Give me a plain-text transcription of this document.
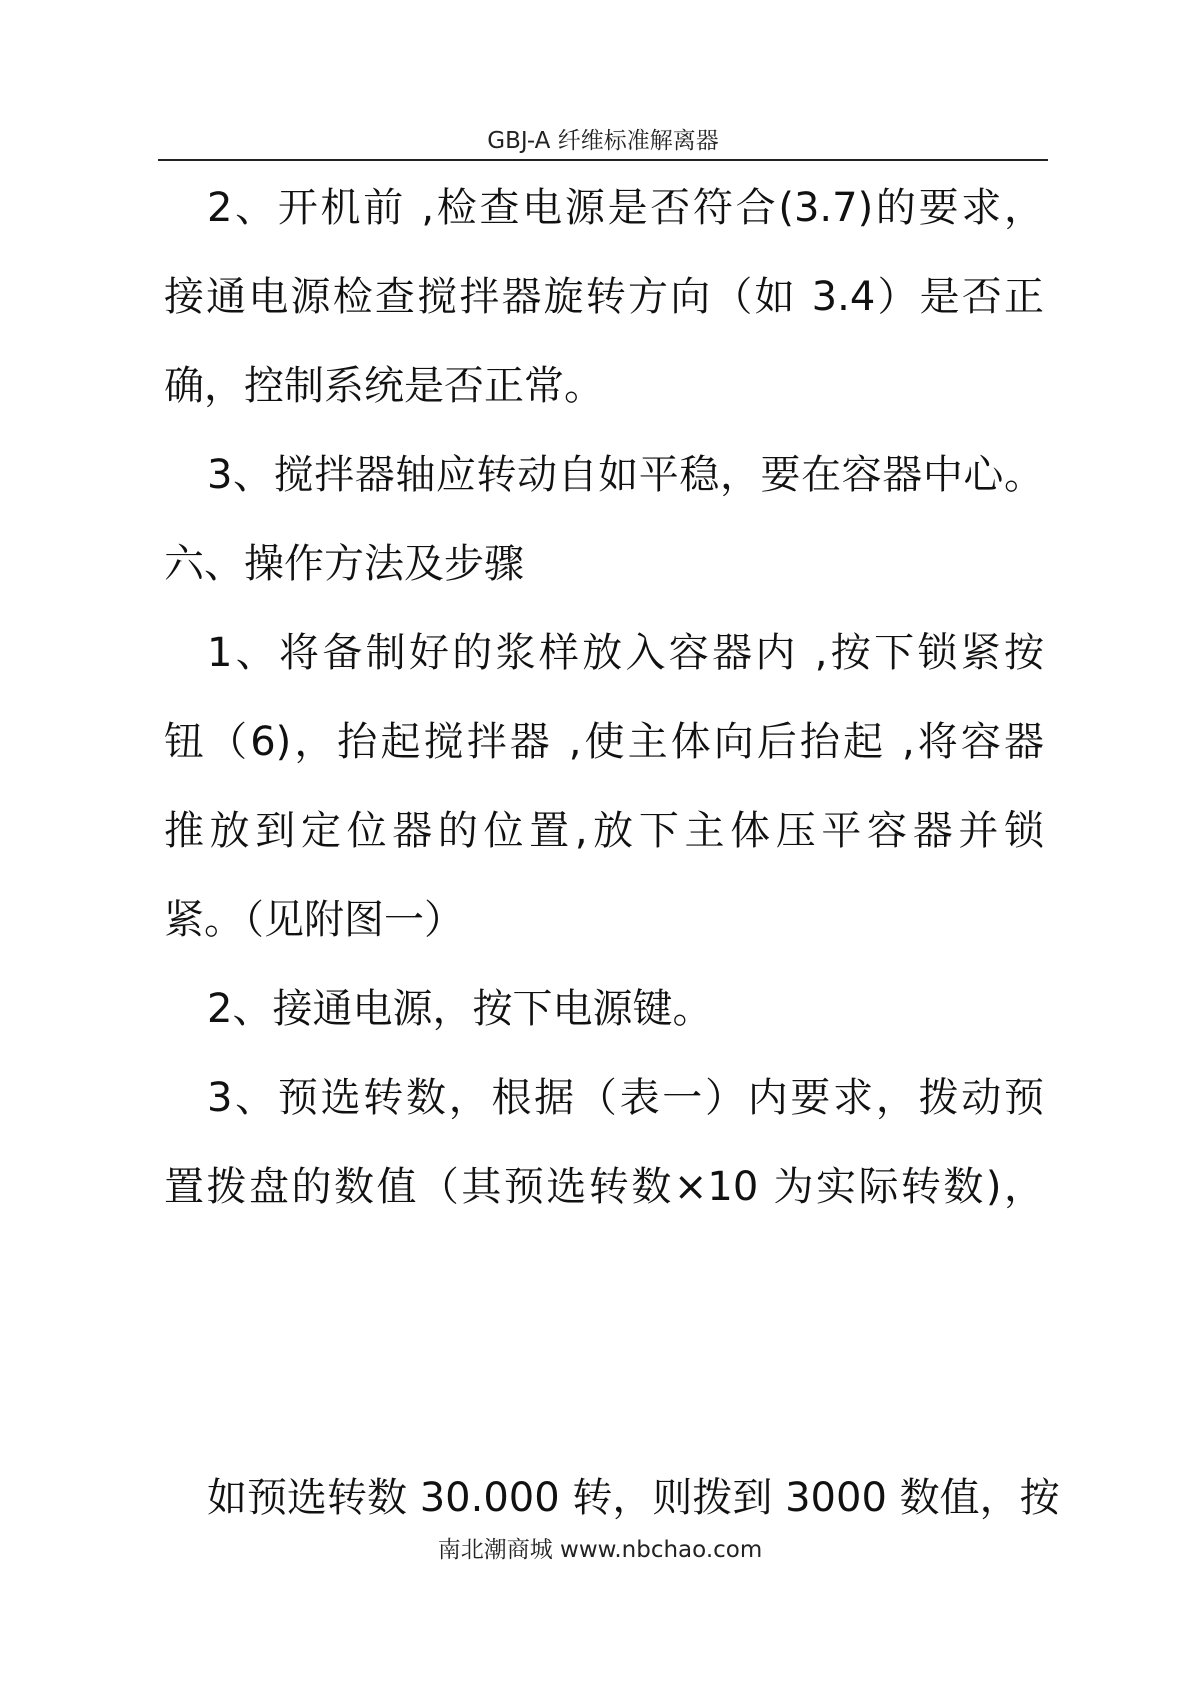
GBJ-A 纤维标准解离器
2、开机前 ,检查电源是否符合(3.7)的要求，
接通电源检查搅拌器旋转方向（如 3.4）是否正
确，控制系统是否正常。
3、搅拌器轴应转动自如平稳，要在容器中心。
六、操作方法及步骤
1、将备制好的浆样放入容器内 ,按下锁紧按
钮（6)，抬起搅拌器 ,使主体向后抬起 ,将容器
推放到定位器的位置,放下主体压平容器并锁
紧。（见附图一）
2、接通电源，按下电源键。
3、预选转数，根据（表一）内要求，拨动预
置拨盘的数值（其预选转数×10 为实际转数)，
如预选转数 30.000 转，则拨到 3000 数值，按
南北潮商城 www.nbchao.com
